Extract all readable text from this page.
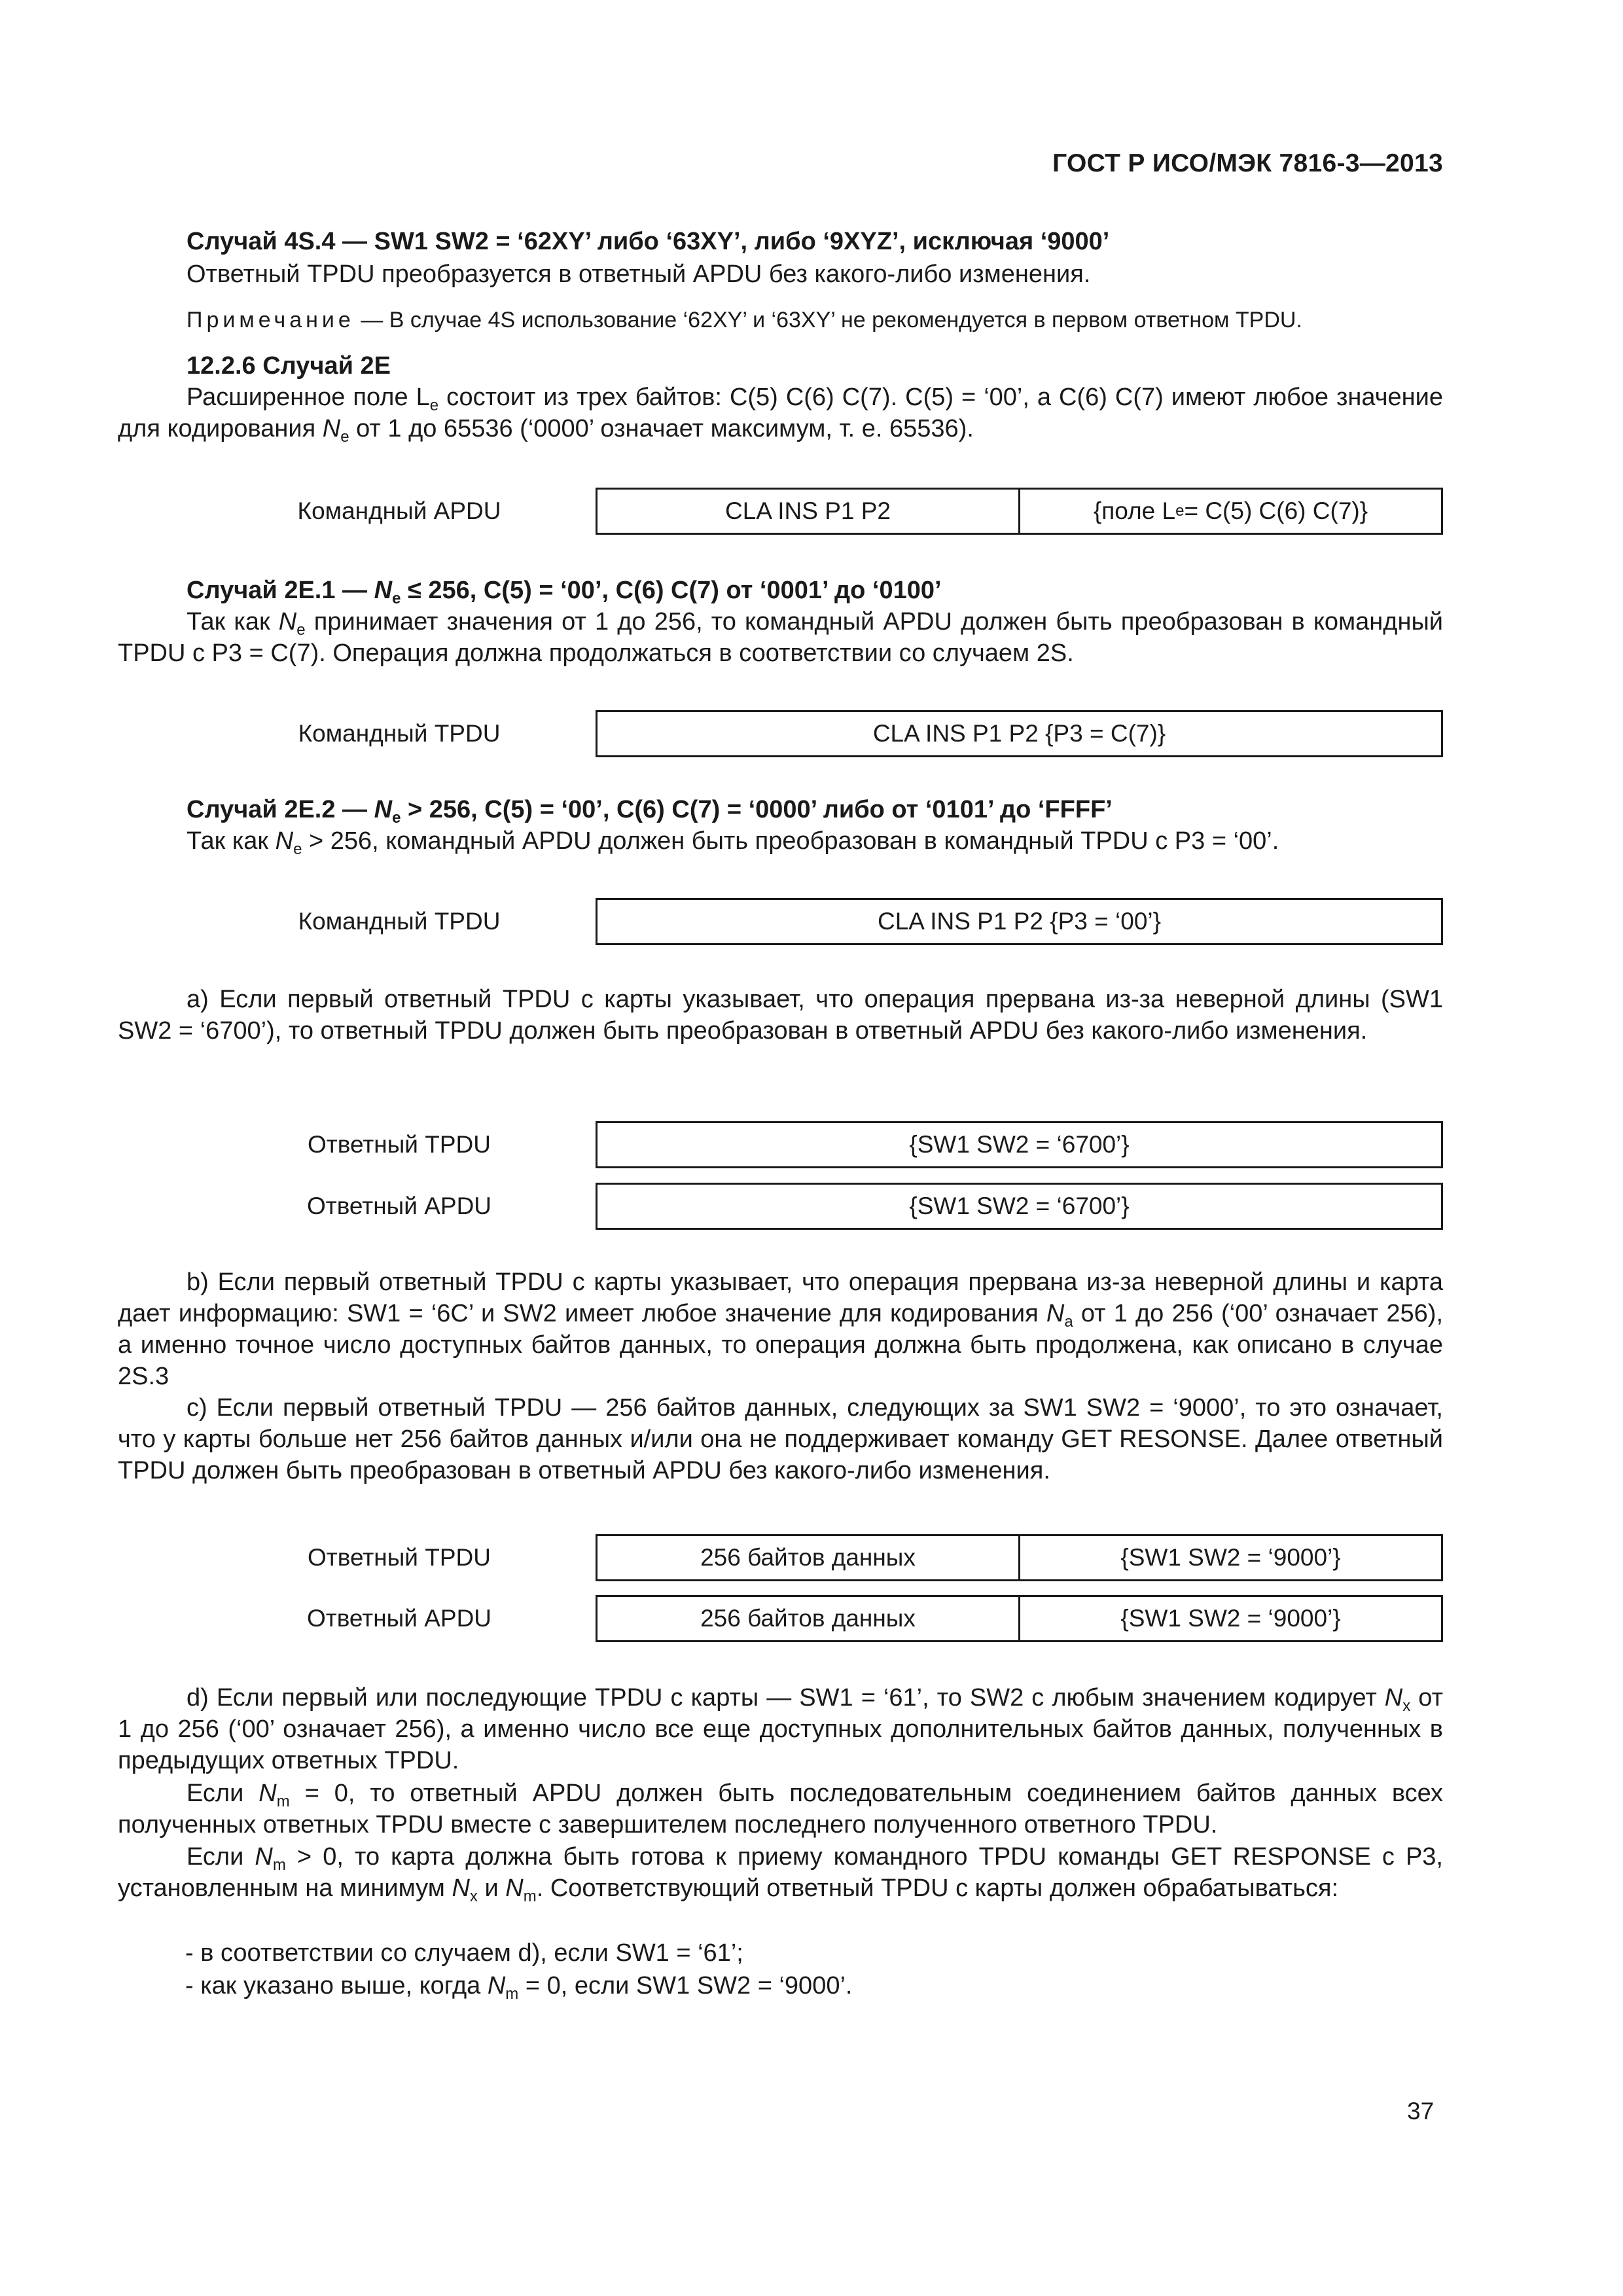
ГОСТ Р ИСО/МЭК 7816-3—2013
Случай 4S.4 — SW1 SW2 = ‘62XY’ либо ‘63XY’, либо ‘9XYZ’, исключая ‘9000’
Ответный TPDU преобразуется в ответный APDU без какого-либо изменения.
Примечание — В случае 4S использование ‘62XY’ и ‘63XY’ не рекомендуется в первом ответном TPDU.
12.2.6 Случай 2E
Расширенное поле $L_e$ состоит из трех байтов: C(5) C(6) C(7). C(5) = ‘00’, а C(6) C(7) имеют любое значение для кодирования $N_e$ от 1 до 65536 (‘0000’ означает максимум, т. е. 65536).
Командный APDU	CLA INS P1 P2	{поле L e = C(5) C(6) C(7)}
Случай 2E.1 — $N_e \le 256$, C(5) = ‘00’, C(6) C(7) от ‘0001’ до ‘0100’
Так как $N_e$ принимает значения от 1 до 256, то командный APDU должен быть преобразован в командный TPDU с P3 = C(7). Операция должна продолжаться в соответствии со случаем 2S.
Командный TPDU	CLA INS P1 P2 {P3 = C(7)}
Случай 2E.2 — $N_e > 256$, C(5) = ‘00’, C(6) C(7) = ‘0000’ либо от ‘0101’ до ‘FFFF’
Так как $N_e > 256$, командный APDU должен быть преобразован в командный TPDU с P3 = ‘00’.
Командный TPDU	CLA INS P1 P2 {P3 = ‘00’}
a) Если первый ответный TPDU с карты указывает, что операция прервана из-за неверной длины (SW1 SW2 = ‘6700’), то ответный TPDU должен быть преобразован в ответный APDU без какого-либо изменения.
Ответный TPDU	{SW1 SW2 = ‘6700’}
Ответный APDU	{SW1 SW2 = ‘6700’}
b) Если первый ответный TPDU с карты указывает, что операция прервана из-за неверной длины и карта дает информацию: SW1 = ‘6C’ и SW2 имеет любое значение для кодирования $N_a$ от 1 до 256 (‘00’ означает 256), а именно точное число доступных байтов данных, то операция должна быть продолжена, как описано в случае 2S.3
c) Если первый ответный TPDU — 256 байтов данных, следующих за SW1 SW2 = ‘9000’, то это означает, что у карты больше нет 256 байтов данных и/или она не поддерживает команду GET RESONSE. Далее ответный TPDU должен быть преобразован в ответный APDU без какого-либо изменения.
Ответный TPDU	256 байтов данных	{SW1 SW2 = ‘9000’}
Ответный APDU	256 байтов данных	{SW1 SW2 = ‘9000’}
d) Если первый или последующие TPDU с карты — SW1 = ‘61’, то SW2 с любым значением кодирует $N_x$ от 1 до 256 (‘00’ означает 256), а именно число все еще доступных дополнительных байтов данных, полученных в предыдущих ответных TPDU.
Если $N_m = 0$, то ответный APDU должен быть последовательным соединением байтов данных всех полученных ответных TPDU вместе с завершителем последнего полученного ответного TPDU.
Если $N_m > 0$, то карта должна быть готова к приему командного TPDU команды GET RESPONSE с P3, установленным на минимум $N_x$ и $N_m$. Соответствующий ответный TPDU с карты должен обрабатываться:
- в соответствии со случаем d), если SW1 = ‘61’;
- как указано выше, когда $N_m = 0$, если SW1 SW2 = ‘9000’.
37
